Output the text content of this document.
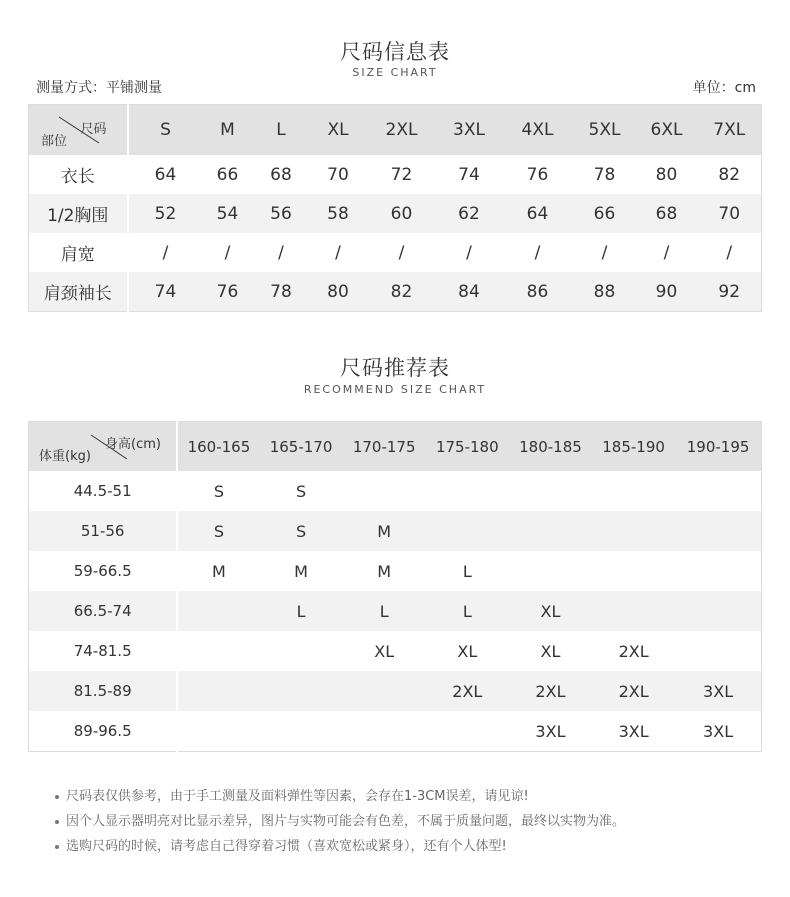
尺码信息表
SIZE CHART
测量方式：平铺测量	单位：cm
尺码
部位	S	M	L	XL	2XL	3XL	4XL	5XL	6XL	7XL
衣长	64	66	68	70	72	74	76	78	80	82
1/2胸围	52	54	56	58	60	62	64	66	68	70
肩宽	/	/	/	/	/	/	/	/	/	/
肩颈袖长	74	76	78	80	82	84	86	88	90	92
尺码推荐表
RECOMMEND SIZE CHART
身高(cm)
体重(kg)	160-165	165-170	170-175	175-180	180-185	185-190	190-195
44.5-51	S	S					
51-56	S	S	M				
59-66.5	M	M	M	L			
66.5-74		L	L	L	XL		
74-81.5			XL	XL	XL	2XL	
81.5-89				2XL	2XL	2XL	3XL
89-96.5					3XL	3XL	3XL
尺码表仅供参考，由于手工测量及面料弹性等因素，会存在1-3CM误差，请见谅!
因个人显示器明亮对比显示差异，图片与实物可能会有色差，不属于质量问题，最终以实物为准。
选购尺码的时候，请考虑自己得穿着习惯（喜欢宽松或紧身），还有个人体型!
